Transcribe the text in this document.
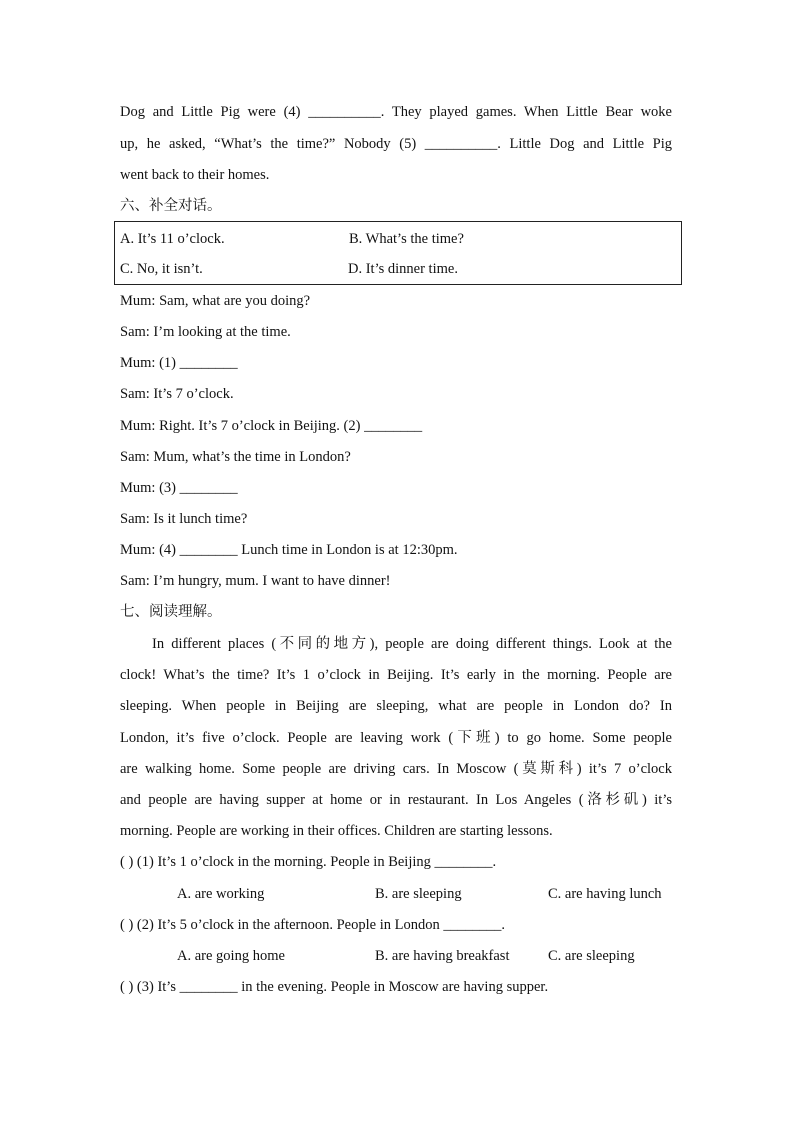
Dog and Little Pig were (4) __________. They played games. When Little Bear woke
up, he asked, “What’s the time?” Nobody (5) __________. Little Dog and Little Pig
went back to their homes.
六、补全对话。
A. It’s 11 o’clock.	B. What’s the time?
C. No, it isn’t.	D. It’s dinner time.
Mum: Sam, what are you doing?
Sam: I’m looking at the time.
Mum: (1) ________
Sam: It’s 7 o’clock.
Mum: Right. It’s 7 o’clock in Beijing. (2) ________
Sam: Mum, what’s the time in London?
Mum: (3) ________
Sam: Is it lunch time?
Mum: (4) ________ Lunch time in London is at 12:30pm.
Sam: I’m hungry, mum. I want to have dinner!
七、阅读理解。
In different places (不同的地方), people are doing different things. Look at the
clock! What’s the time? It’s 1 o’clock in Beijing. It’s early in the morning. People are
sleeping. When people in Beijing are sleeping, what are people in London do? In
London, it’s five o’clock. People are leaving work (下班) to go home. Some people
are walking home. Some people are driving cars. In Moscow (莫斯科) it’s 7 o’clock
and people are having supper at home or in restaurant. In Los Angeles (洛杉矶) it’s
morning. People are working in their offices. Children are starting lessons.
( ) (1) It’s 1 o’clock in the morning. People in Beijing ________.
A. are working	B. are sleeping	C. are having lunch
( ) (2) It’s 5 o’clock in the afternoon. People in London ________.
A. are going home	B. are having breakfast	C. are sleeping
( ) (3) It’s ________ in the evening. People in Moscow are having supper.
